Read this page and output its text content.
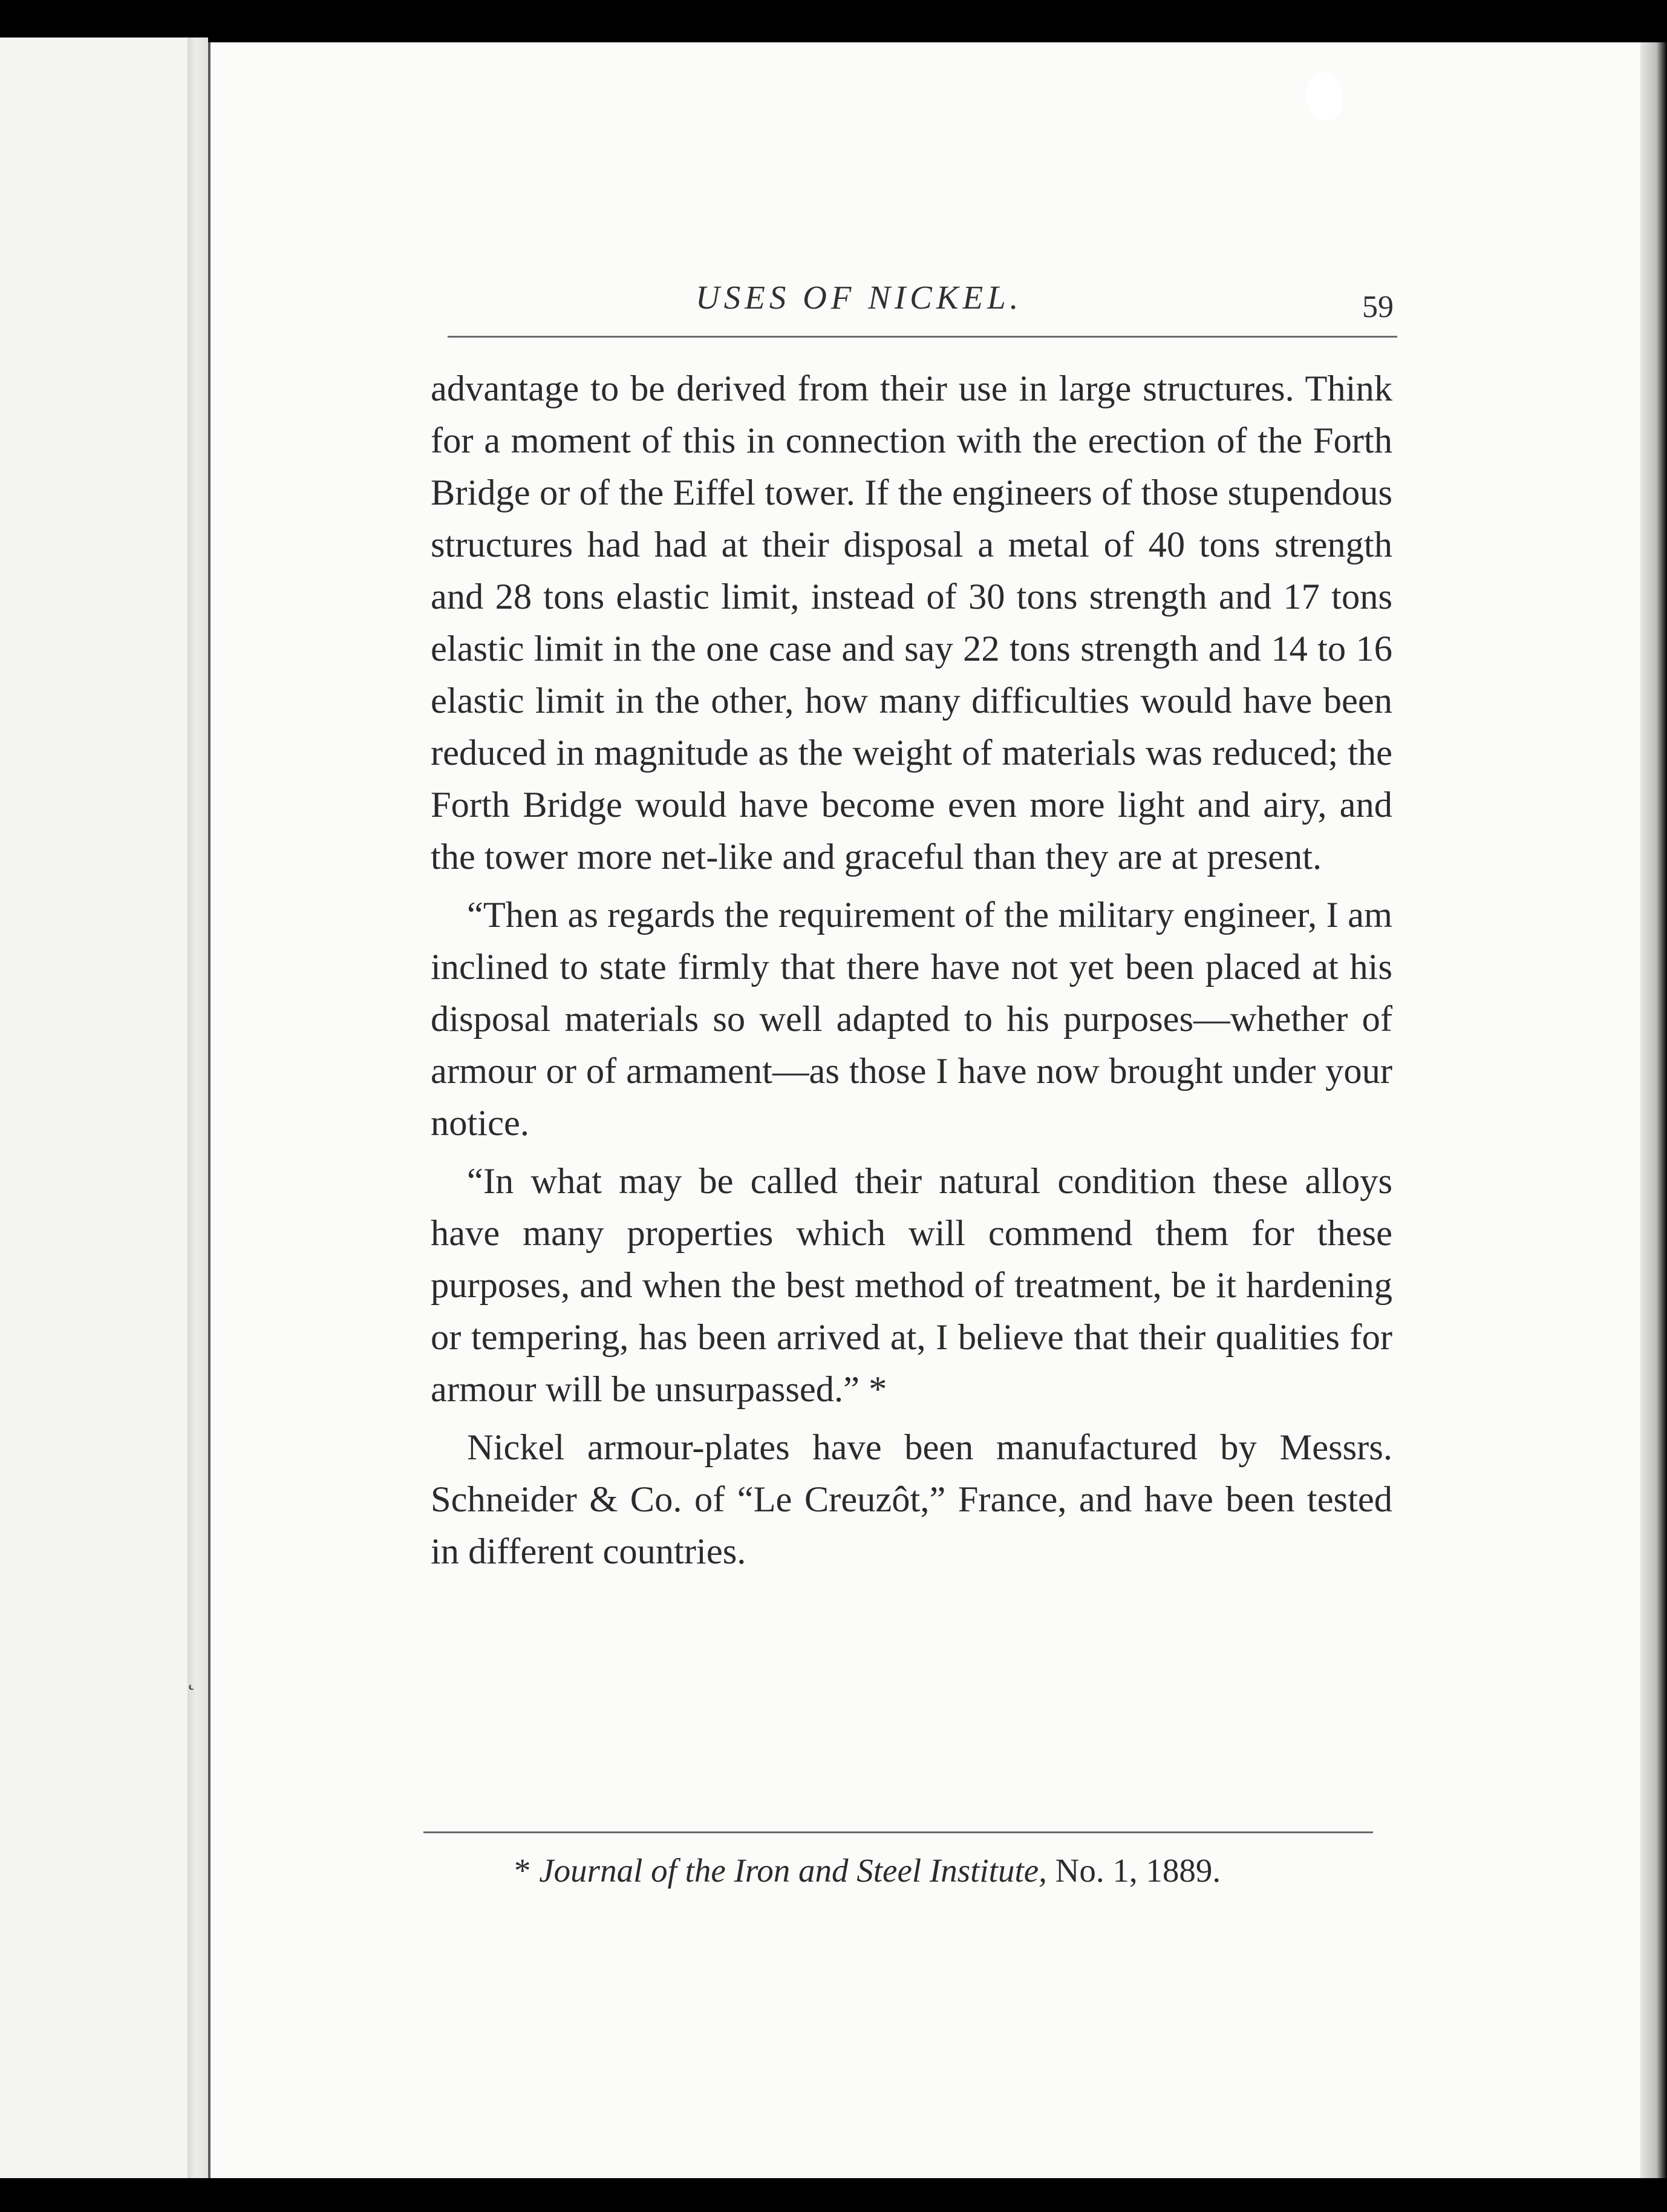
˛
USES OF NICKEL.	59

advantage to be derived from their use in large structures. Think for a moment of this in connection with the erection of the Forth Bridge or of the Eiffel tower. If the engineers of those stupendous structures had had at their disposal a metal of 40 tons strength and 28 tons elastic limit, instead of 30 tons strength and 17 tons elastic limit in the one case and say 22 tons strength and 14 to 16 elastic limit in the other, how many difficulties would have been reduced in magnitude as the weight of materials was reduced; the Forth Bridge would have become even more light and airy, and the tower more net-like and graceful than they are at present.

“Then as regards the requirement of the military engineer, I am inclined to state firmly that there have not yet been placed at his disposal materials so well adapted to his purposes—whether of armour or of armament—as those I have now brought under your notice.

“In what may be called their natural condition these alloys have many properties which will commend them for these purposes, and when the best method of treatment, be it hardening or tempering, has been arrived at, I believe that their qualities for armour will be unsurpassed.” *

Nickel armour-plates have been manufactured by Messrs. Schneider & Co. of “Le Creuzôt,” France, and have been tested in different countries.

* Journal of the Iron and Steel Institute, No. 1, 1889.
